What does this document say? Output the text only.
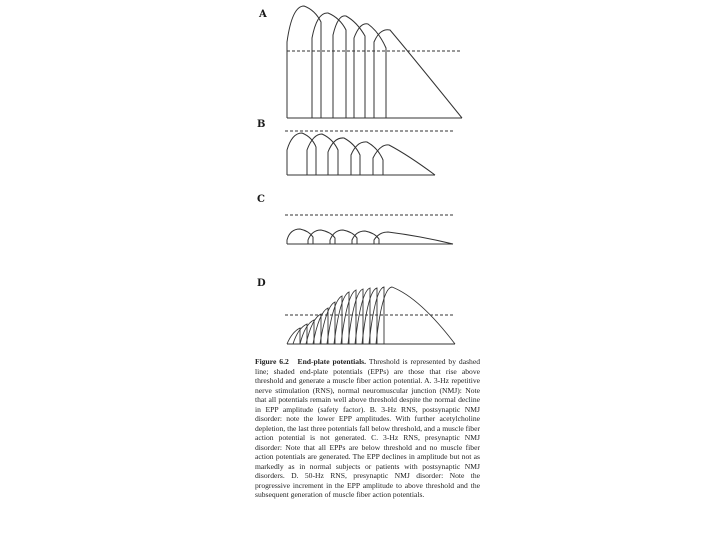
A
B
C
D
Figure 6.2 End-plate potentials. Threshold is represented by dashed line; shaded end-plate potentials (EPPs) are those that rise above threshold and generate a muscle fiber action potential. A. 3-Hz repetitive nerve stimulation (RNS), normal neuromuscular junction (NMJ): Note that all potentials remain well above threshold despite the normal decline in EPP amplitude (safety factor). B. 3-Hz RNS, postsynaptic NMJ disorder: note the lower EPP amplitudes. With further acetylcholine depletion, the last three potentials fall below threshold, and a muscle fiber action potential is not generated. C. 3-Hz RNS, presynaptic NMJ disorder: Note that all EPPs are below threshold and no muscle fiber action potentials are generated. The EPP declines in amplitude but not as markedly as in normal subjects or patients with postsynaptic NMJ disorders. D. 50-Hz RNS, presynaptic NMJ disorder: Note the progressive increment in the EPP amplitude to above threshold and the subsequent generation of muscle fiber action potentials.
